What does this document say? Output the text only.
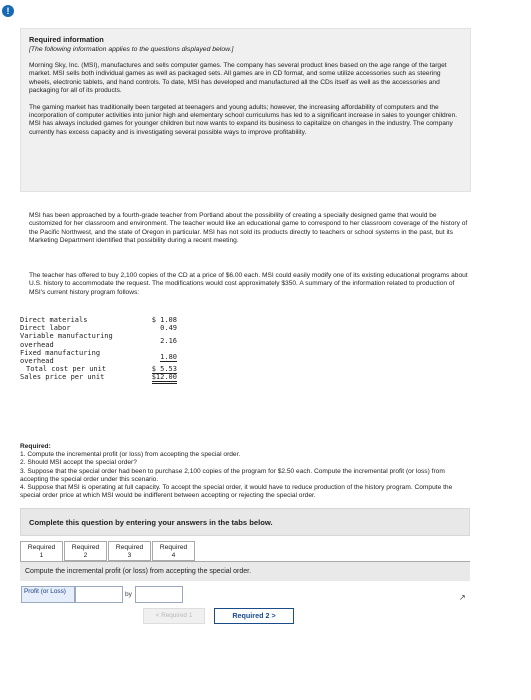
!

Required information

[The following information applies to the questions displayed below.]

Morning Sky, Inc. (MSI), manufactures and sells computer games. The company has several product lines based on the age range of the target market. MSI sells both individual games as well as packaged sets. All games are in CD format, and some utilize accessories such as steering wheels, electronic tablets, and hand controls. To date, MSI has developed and manufactured all the CDs itself as well as the accessories and packaging for all of its products.

The gaming market has traditionally been targeted at teenagers and young adults; however, the increasing affordability of computers and the incorporation of computer activities into junior high and elementary school curriculums has led to a significant increase in sales to younger children. MSI has always included games for younger children but now wants to expand its business to capitalize on changes in the industry. The company currently has excess capacity and is investigating several possible ways to improve profitability.

MSI has been approached by a fourth-grade teacher from Portland about the possibility of creating a specially designed game that would be customized for her classroom and environment. The teacher would like an educational game to correspond to her classroom coverage of the history of the Pacific Northwest, and the state of Oregon in particular. MSI has not sold its products directly to teachers or school systems in the past, but its Marketing Department identified that possibility during a recent meeting.

The teacher has offered to buy 2,100 copies of the CD at a price of $6.00 each. MSI could easily modify one of its existing educational programs about U.S. history to accommodate the request. The modifications would cost approximately $350. A summary of the information related to production of MSI's current history program follows:

Direct materials	$ 1.08
Direct labor	0.49
Variable manufacturing
overhead	2.16
Fixed manufacturing
overhead	1.80
Total cost per unit	$ 5.53
Sales price per unit	$12.00
Required:
1. Compute the incremental profit (or loss) from accepting the special order.
2. Should MSI accept the special order?
3. Suppose that the special order had been to purchase 2,100 copies of the program for $2.50 each. Compute the incremental profit (or loss) from accepting the special order under this scenario.
4. Suppose that MSI is operating at full capacity. To accept the special order, it would have to reduce production of the history program. Compute the special order price at which MSI would be indifferent between accepting or rejecting the special order.
Complete this question by entering your answers in the tabs below.
Required
1
Required
2
Required
3
Required
4
Compute the incremental profit (or loss) from accepting the special order.
Profit (or Loss)	by
< Required 1	Required 2 >
↗
